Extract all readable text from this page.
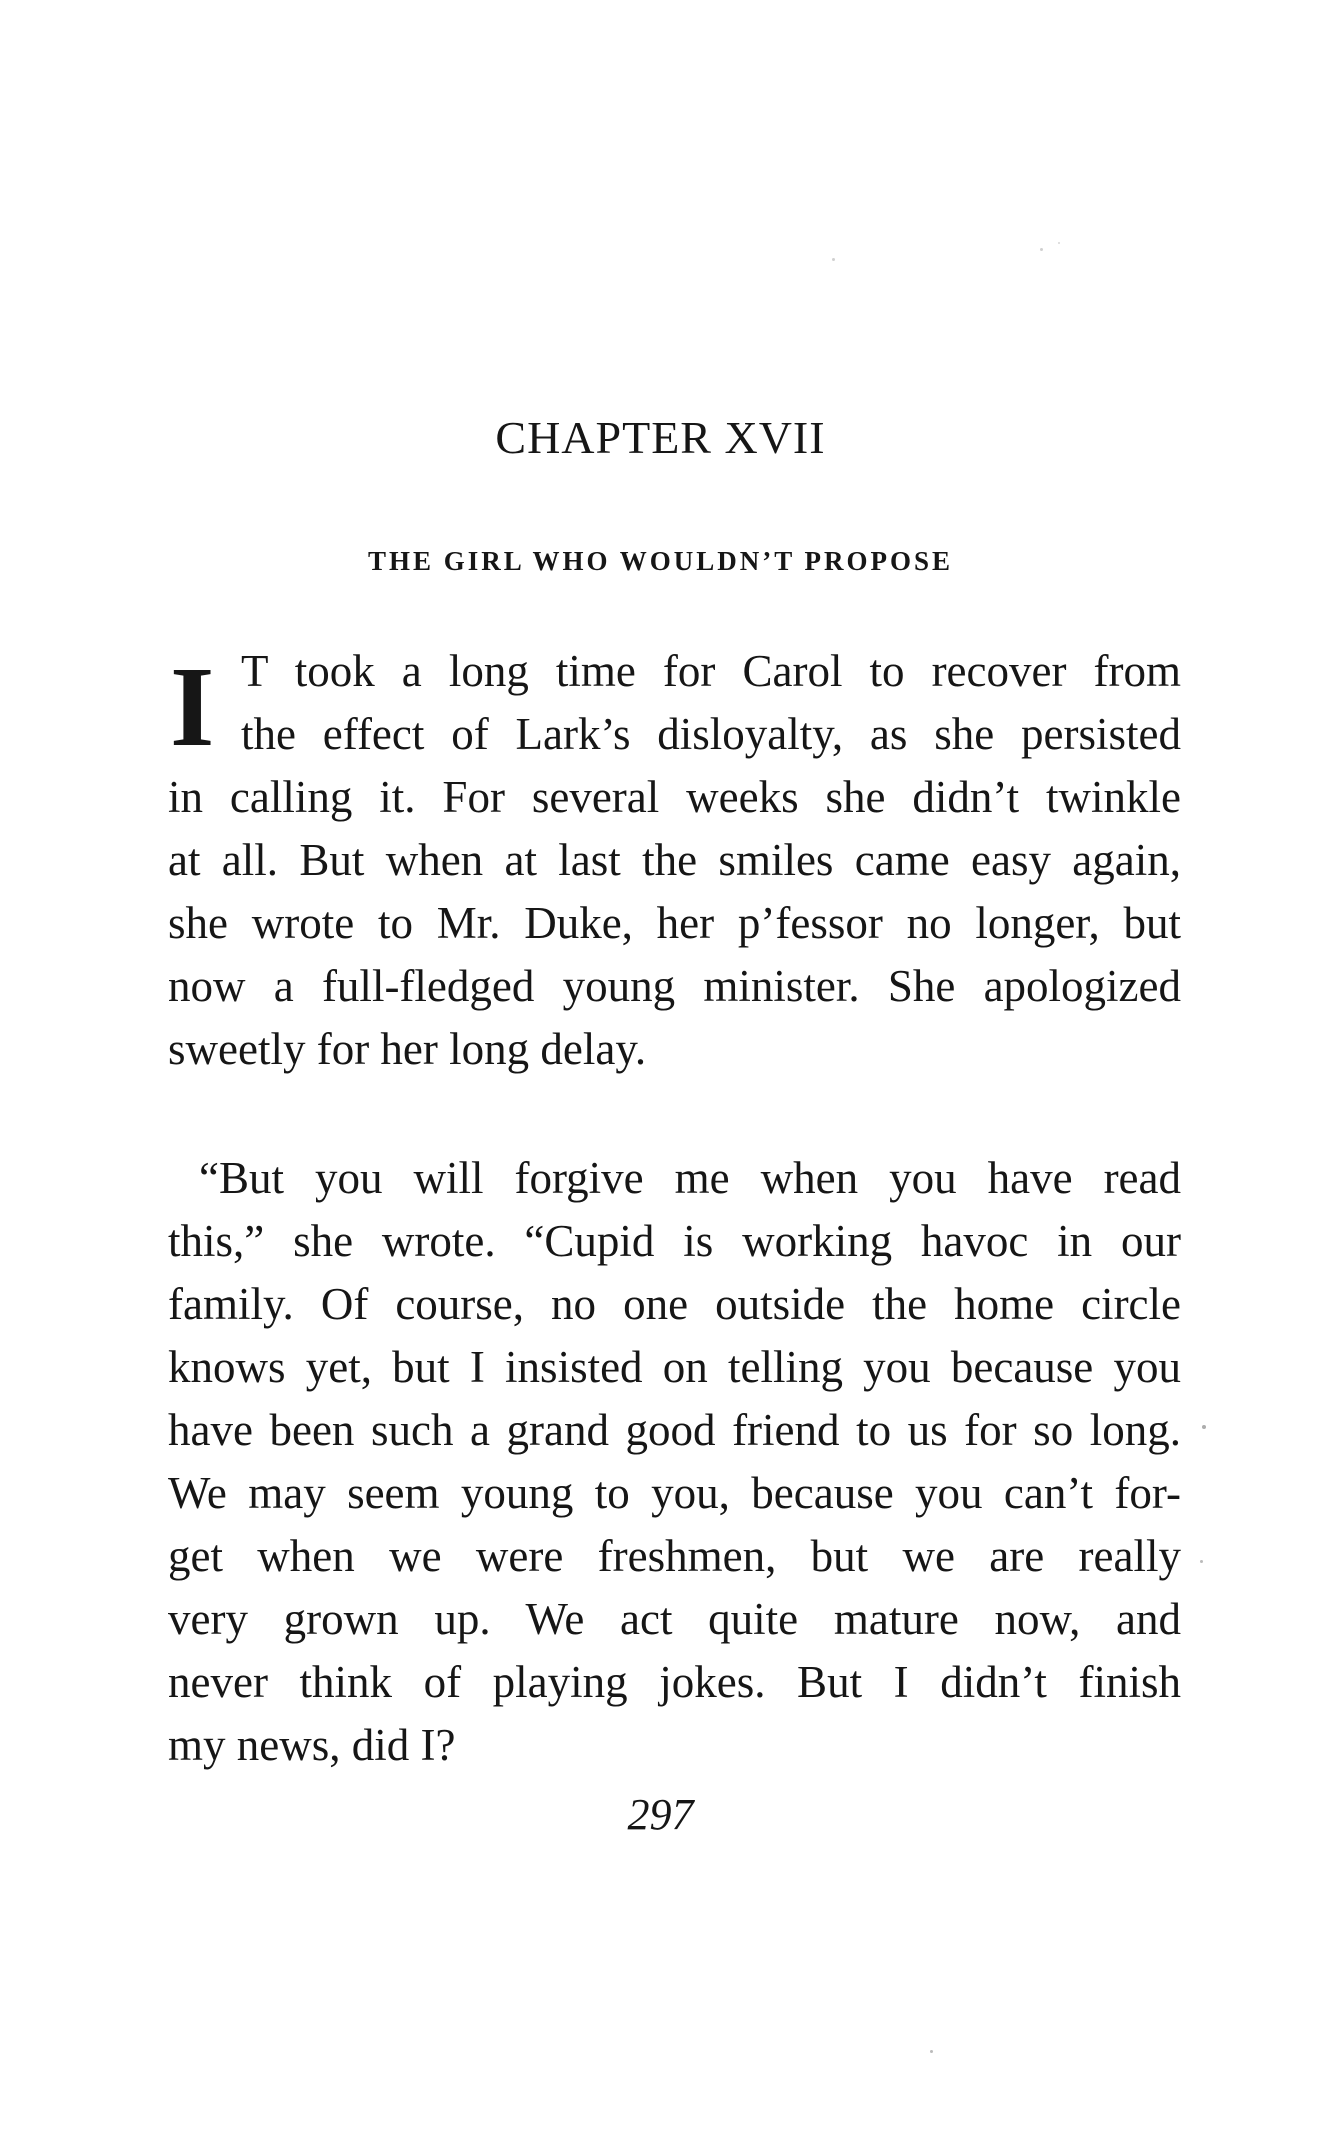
CHAPTER XVII
THE GIRL WHO WOULDN’T PROPOSE
I T took a long time for Carol to recover from
the effect of Lark’s disloyalty, as she persisted
in calling it. For several weeks she didn’t twinkle
at all. But when at last the smiles came easy again,
she wrote to Mr. Duke, her p’fessor no longer, but
now a full-fledged young minister. She apologized
sweetly for her long delay.
“But you will forgive me when you have read
this,” she wrote. “Cupid is working havoc in our
family. Of course, no one outside the home circle
knows yet, but I insisted on telling you because you
have been such a grand good friend to us for so long.
We may seem young to you, because you can’t for-
get when we were freshmen, but we are really
very grown up. We act quite mature now, and
never think of playing jokes. But I didn’t finish
my news, did I?
297
